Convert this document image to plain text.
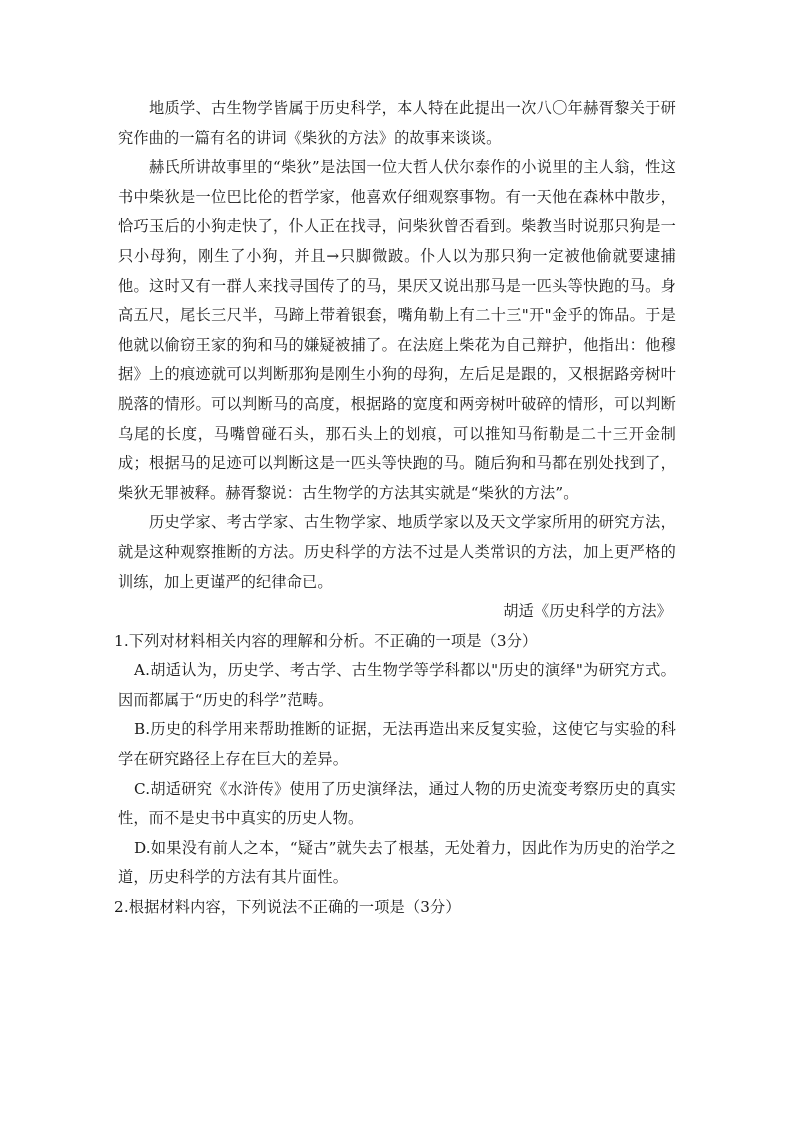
地质学、古生物学皆属于历史科学，本人特在此提出一次八〇年赫胥黎关于研究作曲的一篇有名的讲词《柴狄的方法》的故事来谈谈。

赫氏所讲故事里的“柴狄”是法国一位大哲人伏尔泰作的小说里的主人翁，性这书中柴狄是一位巴比伦的哲学家，他喜欢仔细观察事物。有一天他在森林中散步，恰巧玉后的小狗走快了，仆人正在找寻，问柴狄曾否看到。柴教当时说那只狗是一只小母狗，刚生了小狗，并且→只脚微跛。仆人以为那只狗一定被他偷就要逮捕他。这时又有一群人来找寻国传了的马，果厌又说出那马是一匹头等快跑的马。身高五尺，尾长三尺半，马蹄上带着银套，嘴角勒上有二十三"开"金乎的饰品。于是他就以偷窃王家的狗和马的嫌疑被捕了。在法庭上柴花为自己辩护，他指出：他穆据》上的痕迹就可以判断那狗是刚生小狗的母狗，左后足是跟的，又根据路旁树叶脱落的情形。可以判断马的高度，根据路的宽度和两旁树叶破碎的情形，可以判断乌尾的长度，马嘴曾碰石头，那石头上的划痕，可以推知马衔勒是二十三开金制成；根据马的足迹可以判断这是一匹头等快跑的马。随后狗和马都在别处找到了，柴狄无罪被释。赫胥黎说：古生物学的方法其实就是“柴狄的方法”。

历史学家、考古学家、古生物学家、地质学家以及天文学家所用的研究方法，就是这种观察推断的方法。历史科学的方法不过是人类常识的方法，加上更严格的训练，加上更谨严的纪律命已。

胡适《历史科学的方法》

1.下列对材料相关内容的理解和分析。不正确的一项是（3分）

A.胡适认为，历史学、考古学、古生物学等学科都以"历史的演绎"为研究方式。因而都属于“历史的科学”范畴。

B.历史的科学用来帮助推断的证据，无法再造出来反复实验，这使它与实验的科学在研究路径上存在巨大的差异。

C.胡适研究《水浒传》使用了历史演绎法，通过人物的历史流变考察历史的真实性，而不是史书中真实的历史人物。

D.如果没有前人之本，“疑古”就失去了根基，无处着力，因此作为历史的治学之道，历史科学的方法有其片面性。

2.根据材料内容，下列说法不正确的一项是（3分）
